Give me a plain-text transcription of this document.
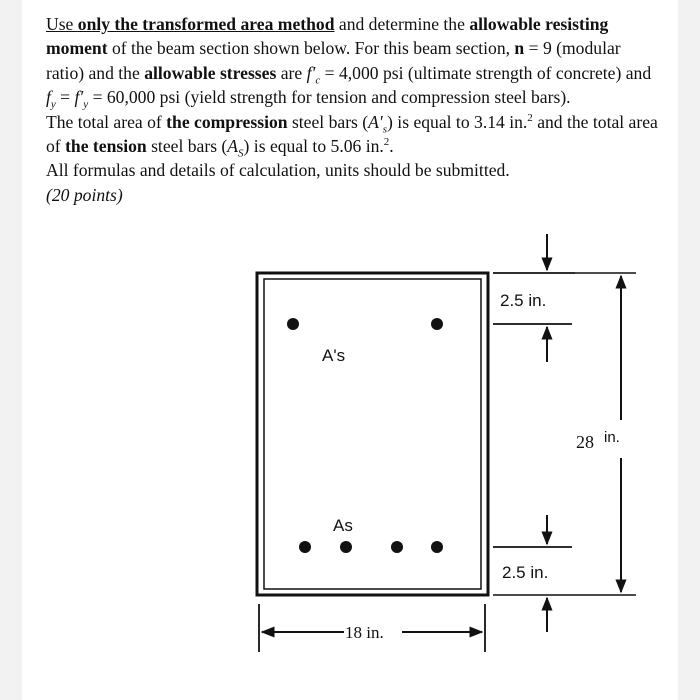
Use only the transformed area method and determine the allowable resisting moment of the beam section shown below. For this beam section, n = 9 (modular ratio) and the allowable stresses are $f'_c = 4,000$ psi (ultimate strength of concrete) and $f_y = f'_y = 60,000$ psi (yield strength for tension and compression steel bars).

The total area of the compression steel bars $(A'_s)$ is equal to 3.14 in.$^2$ and the total area of the tension steel bars $(A_S)$ is equal to 5.06 in.$^2$.

All formulas and details of calculation, units should be submitted.

(20 points)

A's
As
2.5 in.
28 in.
2.5 in.
18 in.
